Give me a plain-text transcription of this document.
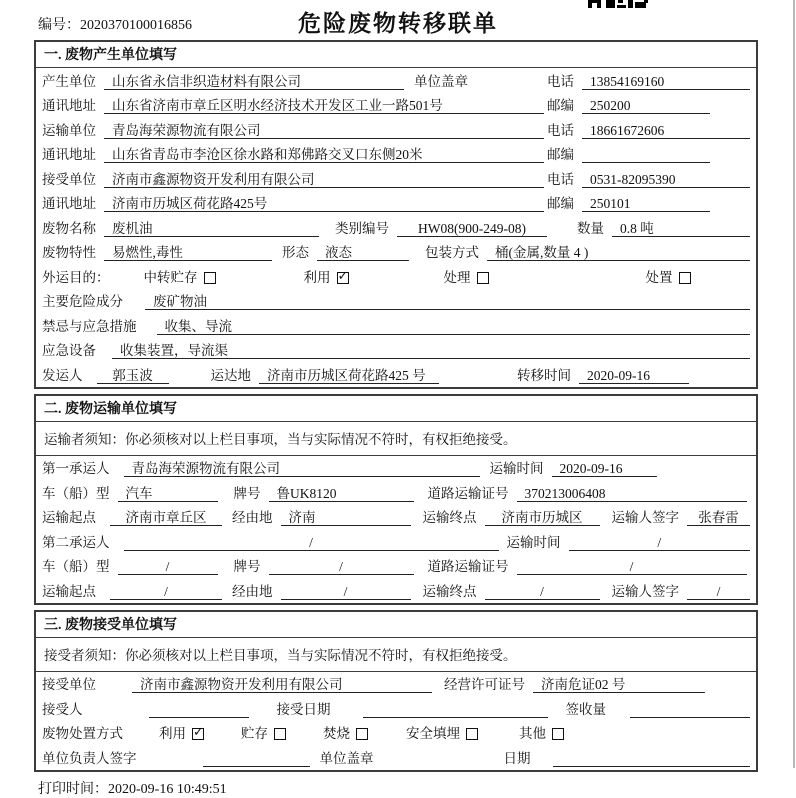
编号：2020370100016856	危险废物转移联单
一. 废物产生单位填写
产生单位	山东省永信非织造材料有限公司	单位盖章	电话	13854169160
通讯地址	山东省济南市章丘区明水经济技术开发区工业一路501号	邮编	250200
运输单位	青岛海荣源物流有限公司	电话	18661672606
通讯地址	山东省青岛市李沧区徐水路和郑佛路交叉口东侧20米	邮编
接受单位	济南市鑫源物资开发利用有限公司	电话	0531-82095390
通讯地址	济南市历城区荷花路425号	邮编	250101
废物名称	废机油	类别编号	HW08(900-249-08)	数量	0.8 吨
废物特性	易燃性,毒性	形态	液态	包装方式	桶(金属,数量 4 )
外运目的：	中转贮存	利用 ✓	处理	处置
主要危险成分	废矿物油
禁忌与应急措施	收集、导流
应急设备	收集装置，导流渠
发运人	郭玉波	运达地	济南市历城区荷花路425 号	转移时间	2020-09-16
二. 废物运输单位填写
运输者须知：你必须核对以上栏目事项，当与实际情况不符时，有权拒绝接受。
第一承运人	青岛海荣源物流有限公司	运输时间	2020-09-16
车（船）型	汽车	牌号	鲁UK8120	道路运输证号	370213006408
运输起点	济南市章丘区	经由地	济南	运输终点	济南市历城区	运输人签字	张春雷
第二承运人	/	运输时间	/
车（船）型	/	牌号	/	道路运输证号	/
运输起点	/	经由地	/	运输终点	/	运输人签字	/
三. 废物接受单位填写
接受者须知：你必须核对以上栏目事项，当与实际情况不符时，有权拒绝接受。
接受单位	济南市鑫源物资开发利用有限公司	经营许可证号	济南危证02 号
接受人	接受日期	签收量
废物处置方式	利用 ✓	贮存	焚烧	安全填埋	其他
单位负责人签字	单位盖章	日期
打印时间：2020-09-16 10:49:51
